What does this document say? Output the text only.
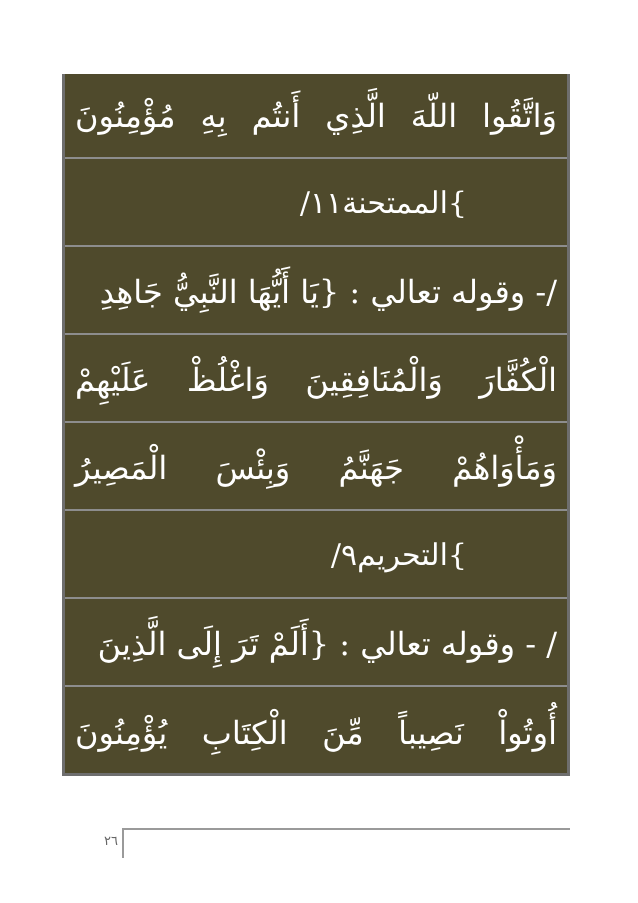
وَاتَّقُوا
اللّهَ
الَّذِي
أَنتُم
بِهِ
مُؤْمِنُونَ
}الممتحنة١١/
/- وقوله تعالي : {يَا أَيُّهَا النَّبِيُّ جَاهِدِ
الْكُفَّارَ
وَالْمُنَافِقِينَ
وَاغْلُظْ
عَلَيْهِمْ
وَمَأْوَاهُمْ
جَهَنَّمُ
وَبِئْسَ
الْمَصِيرُ
}التحريم٩/
/ - وقوله تعالي : {أَلَمْ تَرَ إِلَى الَّذِينَ
أُوتُواْ
نَصِيباً
مِّنَ
الْكِتَابِ
يُؤْمِنُونَ
٢٦
